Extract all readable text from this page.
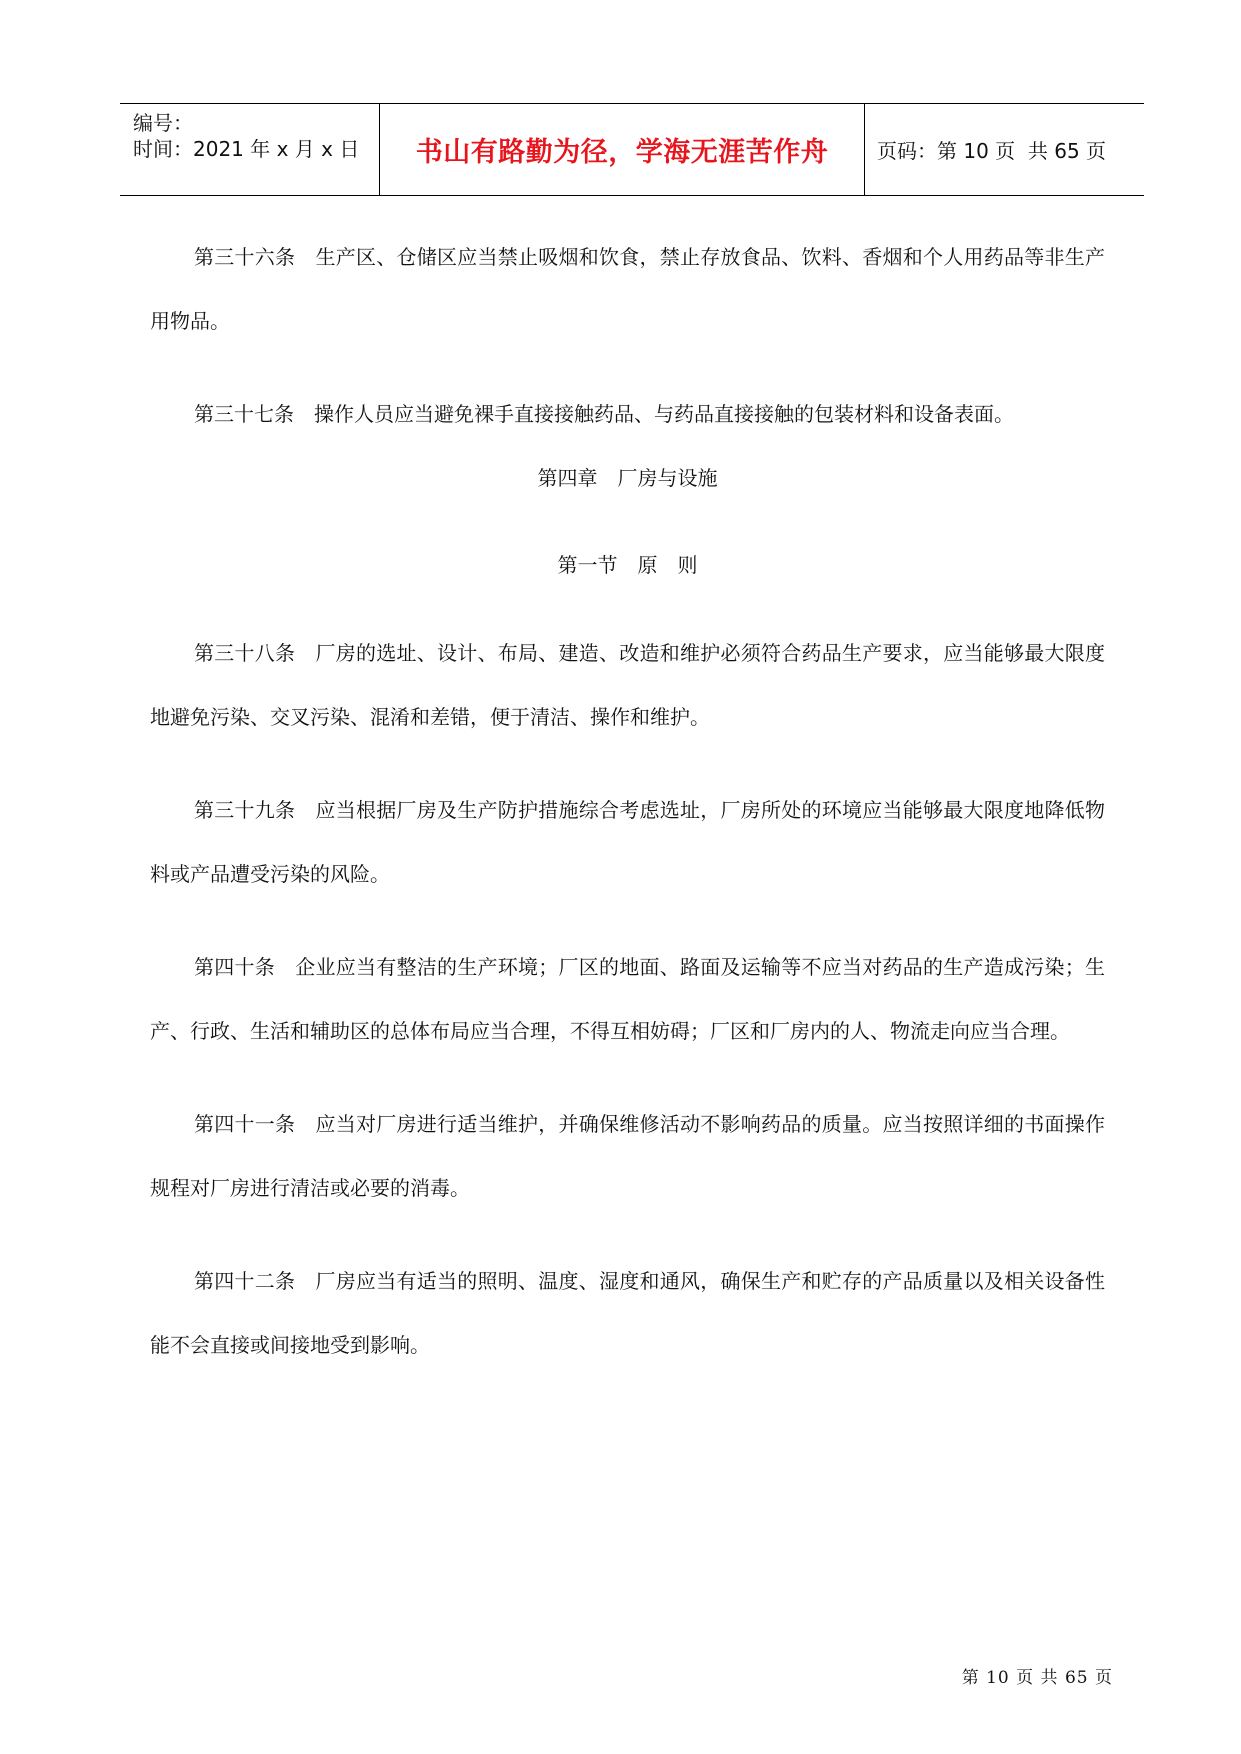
编号：
时间：2021 年 x 月 x 日	书山有路勤为径，学海无涯苦作舟	页码：第 10 页  共 65 页

第三十六条　生产区、仓储区应当禁止吸烟和饮食，禁止存放食品、饮料、香烟和个人用药品等非生产用物品。

第三十七条　操作人员应当避免裸手直接接触药品、与药品直接接触的包装材料和设备表面。

第四章　厂房与设施

第一节　原　则

第三十八条　厂房的选址、设计、布局、建造、改造和维护必须符合药品生产要求，应当能够最大限度地避免污染、交叉污染、混淆和差错，便于清洁、操作和维护。

第三十九条　应当根据厂房及生产防护措施综合考虑选址，厂房所处的环境应当能够最大限度地降低物料或产品遭受污染的风险。

第四十条　企业应当有整洁的生产环境；厂区的地面、路面及运输等不应当对药品的生产造成污染；生产、行政、生活和辅助区的总体布局应当合理，不得互相妨碍；厂区和厂房内的人、物流走向应当合理。

第四十一条　应当对厂房进行适当维护，并确保维修活动不影响药品的质量。应当按照详细的书面操作规程对厂房进行清洁或必要的消毒。

第四十二条　厂房应当有适当的照明、温度、湿度和通风，确保生产和贮存的产品质量以及相关设备性能不会直接或间接地受到影响。

第 10 页 共 65 页
